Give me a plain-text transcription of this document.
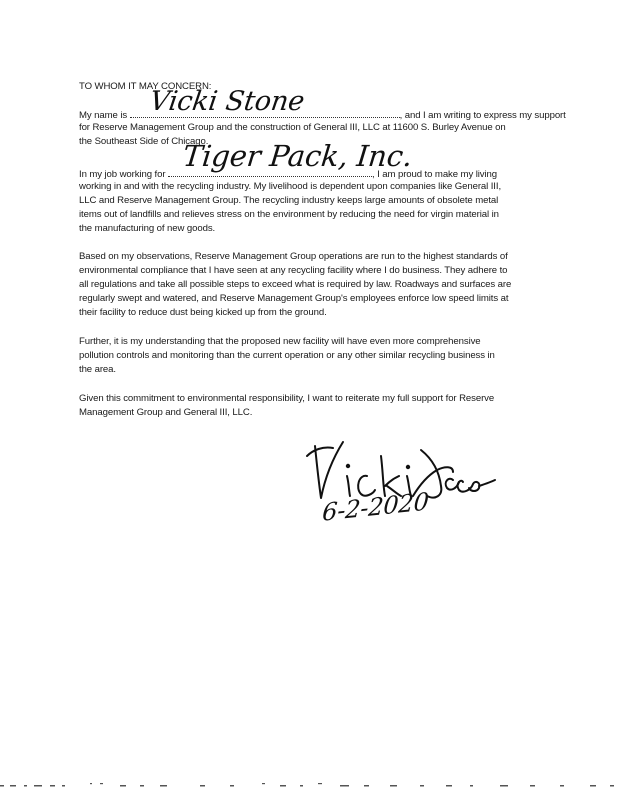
TO WHOM IT MAY CONCERN:
My name is	, and I am writing to express my support
Vicki Stone
for Reserve Management Group and the construction of General III, LLC at 11600 S. Burley Avenue on
the Southeast Side of Chicago.
In my job working for	, I am proud to make my living
Tiger Pack, Inc.
working in and with the recycling industry. My livelihood is dependent upon companies like General III,
LLC and Reserve Management Group. The recycling industry keeps large amounts of obsolete metal
items out of landfills and relieves stress on the environment by reducing the need for virgin material in
the manufacturing of new goods.
Based on my observations, Reserve Management Group operations are run to the highest standards of
environmental compliance that I have seen at any recycling facility where I do business. They adhere to
all regulations and take all possible steps to exceed what is required by law. Roadways and surfaces are
regularly swept and watered, and Reserve Management Group's employees enforce low speed limits at
their facility to reduce dust being kicked up from the ground.
Further, it is my understanding that the proposed new facility will have even more comprehensive
pollution controls and monitoring than the current operation or any other similar recycling business in
the area.
Given this commitment to environmental responsibility, I want to reiterate my full support for Reserve
Management Group and General III, LLC.
6-2-2020
